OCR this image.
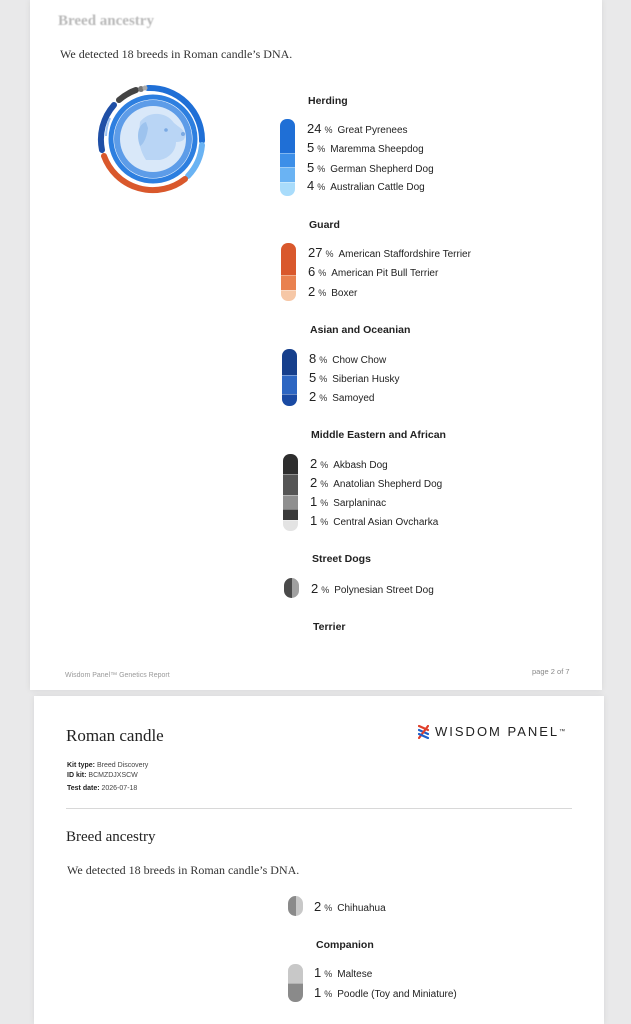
Breed ancestry
We detected 18 breeds in Roman candle’s DNA.
Herding
24 % Great Pyrenees
5 % Maremma Sheepdog
5 % German Shepherd Dog
4 % Australian Cattle Dog
Guard
27 % American Staffordshire Terrier
6 % American Pit Bull Terrier
2 % Boxer
Asian and Oceanian
8 % Chow Chow
5 % Siberian Husky
2 % Samoyed
Middle Eastern and African
2 % Akbash Dog
2 % Anatolian Shepherd Dog
1 % Sarplaninac
1 % Central Asian Ovcharka
Street Dogs
2 % Polynesian Street Dog
Terrier
Wisdom Panel™ Genetics Report	page 2 of 7
Roman candle	WISDOM PANEL ™
Kit type: Breed Discovery
ID kit: BCMZDJXSCW
Test date: 2026-07-18
Breed ancestry
We detected 18 breeds in Roman candle’s DNA.
2 % Chihuahua
Companion
1 % Maltese
1 % Poodle (Toy and Miniature)
